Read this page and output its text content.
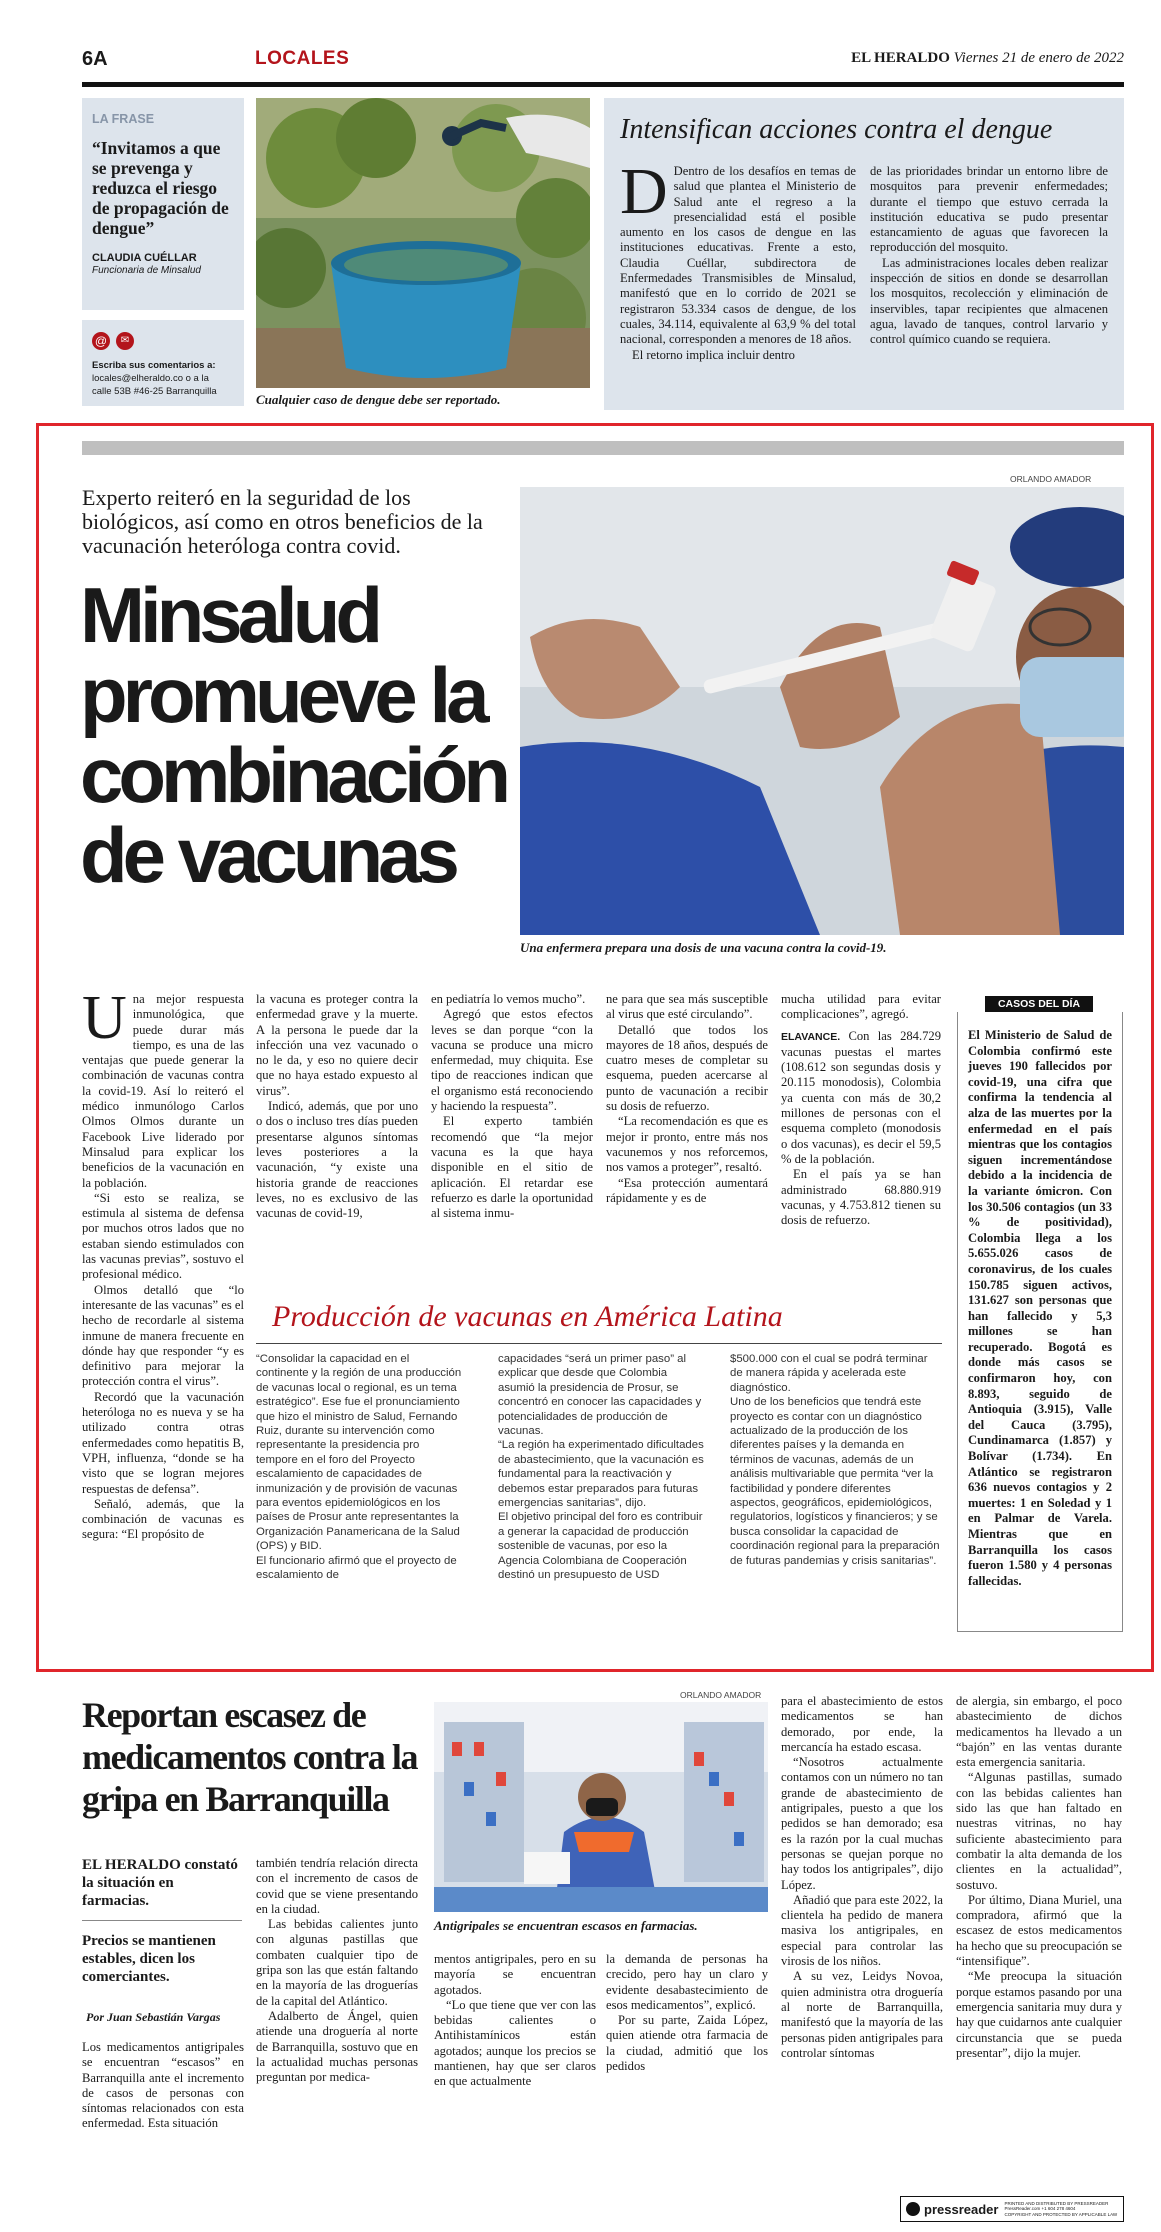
6A	LOCALES	EL HERALDO Viernes 21 de enero de 2022
LA FRASE
“Invitamos a que se prevenga y reduzca el riesgo de propagación de dengue”
CLAUDIA CUÉLLAR
Funcionaria de Minsalud
@	✉
Escriba sus comentarios a:
locales@elheraldo.co o a la
calle 53B #46-25 Barranquilla
Cualquier caso de dengue debe ser reportado.
Intensifican acciones contra el dengue
D Dentro de los desafíos en temas de salud que plantea el Ministerio de Salud ante el regreso a la presencialidad está el posible aumento en los casos de dengue en las instituciones educativas. Frente a esto, Claudia Cuéllar, subdirectora de Enfermedades Transmisibles de Minsalud, manifestó que en lo corrido de 2021 se registraron 53.334 casos de dengue, de los cuales, 34.114, equivalente al 63,9 % del total nacional, corresponden a menores de 18 años.

El retorno implica incluir dentro

de las prioridades brindar un entorno libre de mosquitos para prevenir enfermedades; durante el tiempo que estuvo cerrada la institución educativa se pudo presentar estancamiento de aguas que favorecen la reproducción del mosquito.

Las administraciones locales deben realizar inspección de sitios en donde se desarrollan los mosquitos, recolección y eliminación de inservibles, tapar recipientes que almacenen agua, lavado de tanques, control larvario y control químico cuando se requiera.

ORLANDO AMADOR
Experto reiteró en la seguridad de los biológicos, así como en otros beneficios de la vacunación heteróloga contra covid.
Minsalud promueve la combinación de vacunas
Una enfermera prepara una dosis de una vacuna contra la covid-19.
Una mejor respuesta inmunológica, que puede durar más tiempo, es una de las ventajas que puede generar la combinación de vacunas contra la covid-19. Así lo reiteró el médico inmunólogo Carlos Olmos Olmos durante un Facebook Live liderado por Minsalud para explicar los beneficios de la vacunación en la población.

“Si esto se realiza, se estimula al sistema de defensa por muchos otros lados que no estaban siendo estimulados con las vacunas previas”, sostuvo el profesional médico.

Olmos detalló que “lo interesante de las vacunas” es el hecho de recordarle al sistema inmune de manera frecuente en dónde hay que responder “y es definitivo para mejorar la protección contra el virus”.

Recordó que la vacunación heteróloga no es nueva y se ha utilizado contra otras enfermedades como hepatitis B, VPH, influenza, “donde se ha visto que se logran mejores respuestas de defensa”.

Señaló, además, que la combinación de vacunas es segura: “El propósito de

la vacuna es proteger contra la enfermedad grave y la muerte. A la persona le puede dar la infección una vez vacunado o no le da, y eso no quiere decir que no haya estado expuesto al virus”.

Indicó, además, que por uno o dos o incluso tres días pueden presentarse algunos síntomas leves posteriores a la vacunación, “y existe una historia grande de reacciones leves, no es exclusivo de las vacunas de covid-19,

en pediatría lo vemos mucho”.

Agregó que estos efectos leves se dan porque “con la vacuna se produce una micro enfermedad, muy chiquita. Ese tipo de reacciones indican que el organismo está reconociendo y haciendo la respuesta”.

El experto también recomendó que “la mejor vacuna es la que haya disponible en el sitio de aplicación. El retardar ese refuerzo es darle la oportunidad al sistema inmu-

ne para que sea más susceptible al virus que esté circulando”.

Detalló que todos los mayores de 18 años, después de cuatro meses de completar su esquema, pueden acercarse al punto de vacunación a recibir su dosis de refuerzo.

“La recomendación es que es mejor ir pronto, entre más nos vacunemos y nos reforcemos, nos vamos a proteger”, resaltó.

“Esa protección aumentará rápidamente y es de

mucha utilidad para evitar complicaciones”, agregó.

ELAVANCE. Con las 284.729 vacunas puestas el martes (108.612 son segundas dosis y 20.115 monodosis), Colombia ya cuenta con más de 30,2 millones de personas con el esquema completo (monodosis o dos vacunas), es decir el 59,5 % de la población.

En el país ya se han administrado 68.880.919 vacunas, y 4.753.812 tienen su dosis de refuerzo.

CASOS DEL DÍA
El Ministerio de Salud de Colombia confirmó este jueves 190 fallecidos por covid-19, una cifra que confirma la tendencia al alza de las muertes por la enfermedad en el país mientras que los contagios siguen incrementándose debido a la incidencia de la variante ómicron. Con los 30.506 contagios (un 33 % de positividad), Colombia llega a los 5.655.026 casos de coronavirus, de los cuales 150.785 siguen activos, 131.627 son personas que han fallecido y 5,3 millones se han recuperado. Bogotá es donde más casos se confirmaron hoy, con 8.893, seguido de Antioquia (3.915), Valle del Cauca (3.795), Cundinamarca (1.857) y Bolívar (1.734). En Atlántico se registraron 636 nuevos contagios y 2 muertes: 1 en Soledad y 1 en Palmar de Varela. Mientras que en Barranquilla los casos fueron 1.580 y 4 personas fallecidas.
Producción de vacunas en América Latina

“Consolidar la capacidad en el continente y la región de una producción de vacunas local o regional, es un tema estratégico”. Ese fue el pronunciamiento que hizo el ministro de Salud, Fernando Ruiz, durante su intervención como representante la presidencia pro tempore en el foro del Proyecto escalamiento de capacidades de inmunización y de provisión de vacunas para eventos epidemiológicos en los países de Prosur ante representantes la Organización Panamericana de la Salud (OPS) y BID.

El funcionario afirmó que el proyecto de escalamiento de

capacidades “será un primer paso” al explicar que desde que Colombia asumió la presidencia de Prosur, se concentró en conocer las capacidades y potencialidades de producción de vacunas.

“La región ha experimentado dificultades de abastecimiento, que la vacunación es fundamental para la reactivación y debemos estar preparados para futuras emergencias sanitarias”, dijo.

El objetivo principal del foro es contribuir a generar la capacidad de producción sostenible de vacunas, por eso la Agencia Colombiana de Cooperación destinó un presupuesto de USD

$500.000 con el cual se podrá terminar de manera rápida y acelerada este diagnóstico.

Uno de los beneficios que tendrá este proyecto es contar con un diagnóstico actualizado de la producción de los diferentes países y la demanda en términos de vacunas, además de un análisis multivariable que permita “ver la factibilidad y pondere diferentes aspectos, geográficos, epidemiológicos, regulatorios, logísticos y financieros; y se busca consolidar la capacidad de coordinación regional para la preparación de futuras pandemias y crisis sanitarias”.

Reportan escasez de medicamentos contra la gripa en Barranquilla
EL HERALDO constató la situación en farmacias.
Precios se mantienen estables, dicen los comerciantes.
Por Juan Sebastián Vargas

Los medicamentos antigripales se encuentran “escasos” en Barranquilla ante el incremento de casos de personas con síntomas relacionados con esta enfermedad. Esta situación

ORLANDO AMADOR
Antigripales se encuentran escasos en farmacias.

también tendría relación directa con el incremento de casos de covid que se viene presentando en la ciudad.

Las bebidas calientes junto con algunas pastillas que combaten cualquier tipo de gripa son las que están faltando en la mayoría de las droguerías de la capital del Atlántico.

Adalberto de Ángel, quien atiende una droguería al norte de Barranquilla, sostuvo que en la actualidad muchas personas preguntan por medica-

mentos antigripales, pero en su mayoría se encuentran agotados.

“Lo que tiene que ver con las bebidas calientes o Antihistamínicos están agotados; aunque los precios se mantienen, hay que ser claros en que actualmente

la demanda de personas ha crecido, pero hay un claro y evidente desabastecimiento de esos medicamentos”, explicó.

Por su parte, Zaida López, quien atiende otra farmacia de la ciudad, admitió que los pedidos

para el abastecimiento de estos medicamentos se han demorado, por ende, la mercancía ha estado escasa.

“Nosotros actualmente contamos con un número no tan grande de abastecimiento de antigripales, puesto a que los pedidos se han demorado; esa es la razón por la cual muchas personas se quejan porque no hay todos los antigripales”, dijo López.

Añadió que para este 2022, la clientela ha pedido de manera masiva los antigripales, en especial para controlar las virosis de los niños.

A su vez, Leidys Novoa, quien administra otra droguería al norte de Barranquilla, manifestó que la mayoría de las personas piden antigripales para controlar síntomas

de alergia, sin embargo, el poco abastecimiento de dichos medicamentos ha llevado a un “bajón” en las ventas durante esta emergencia sanitaria.

“Algunas pastillas, sumado con las bebidas calientes han sido las que han faltado en nuestras vitrinas, no hay suficiente abastecimiento para combatir la alta demanda de los clientes en la actualidad”, sostuvo.

Por último, Diana Muriel, una compradora, afirmó que la escasez de estos medicamentos ha hecho que su preocupación se “intensifique”.

“Me preocupa la situación porque estamos pasando por una emergencia sanitaria muy dura y hay que cuidarnos ante cualquier circunstancia que se pueda presentar”, dijo la mujer.

pressreader PRINTED AND DISTRIBUTED BY PRESSREADER
PressReader.com +1 604 278 4604
COPYRIGHT AND PROTECTED BY APPLICABLE LAW
